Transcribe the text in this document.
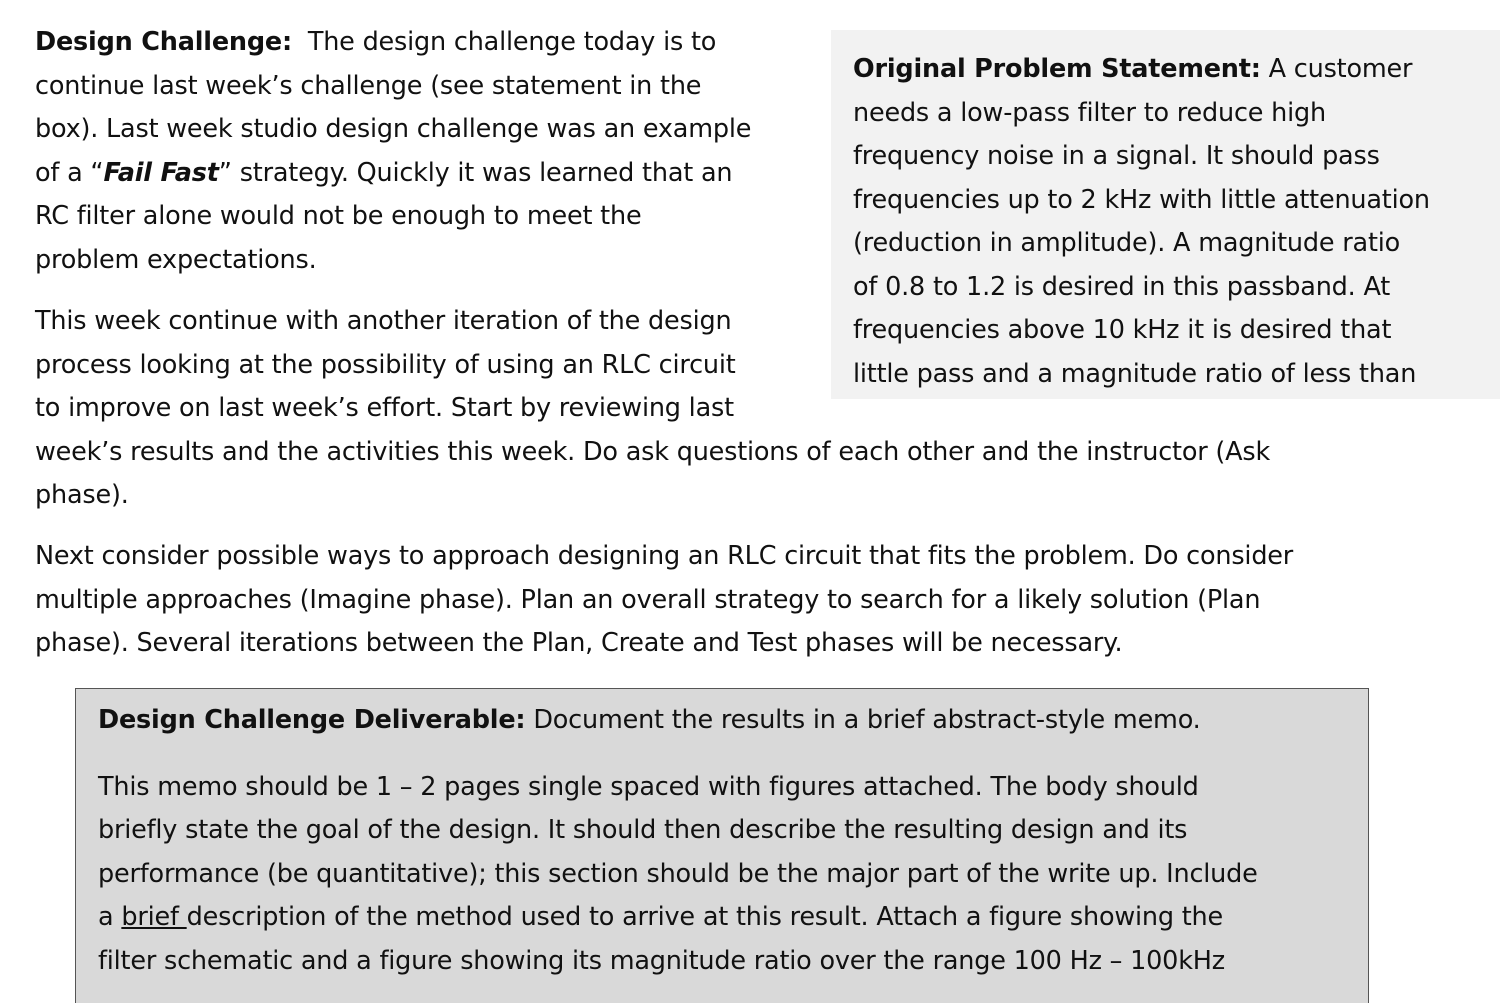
Design Challenge:  The design challenge today is to
continue last week’s challenge (see statement in the
box). Last week studio design challenge was an example
of a “Fail Fast” strategy. Quickly it was learned that an
RC filter alone would not be enough to meet the
problem expectations.

This week continue with another iteration of the design
process looking at the possibility of using an RLC circuit
to improve on last week’s effort. Start by reviewing last
week’s results and the activities this week. Do ask questions of each other and the instructor (Ask
phase).

Next consider possible ways to approach designing an RLC circuit that fits the problem. Do consider
multiple approaches (Imagine phase). Plan an overall strategy to search for a likely solution (Plan
phase). Several iterations between the Plan, Create and Test phases will be necessary.

Original Problem Statement: A customer
needs a low-pass filter to reduce high
frequency noise in a signal. It should pass
frequencies up to 2 kHz with little attenuation
(reduction in amplitude). A magnitude ratio
of 0.8 to 1.2 is desired in this passband. At
frequencies above 10 kHz it is desired that
little pass and a magnitude ratio of less than

Design Challenge Deliverable: Document the results in a brief abstract-style memo.

This memo should be 1 – 2 pages single spaced with figures attached. The body should
briefly state the goal of the design. It should then describe the resulting design and its
performance (be quantitative); this section should be the major part of the write up. Include
a brief description of the method used to arrive at this result. Attach a figure showing the
filter schematic and a figure showing its magnitude ratio over the range 100 Hz – 100kHz
